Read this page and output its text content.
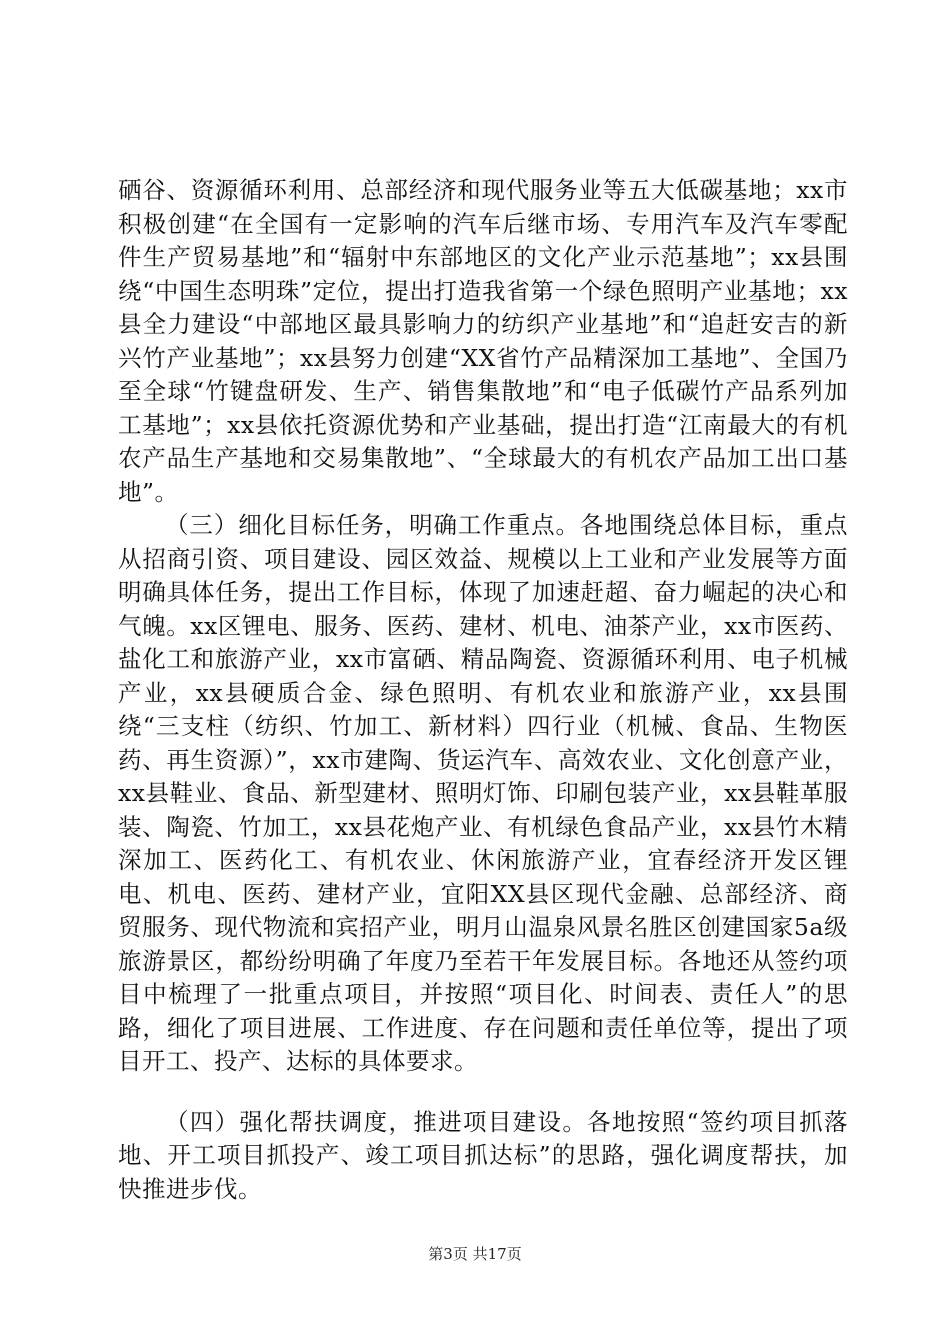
硒谷、资源循环利用、总部经济和现代服务业等五大低碳基地；xx市积极创建“在全国有一定影响的汽车后继市场、专用汽车及汽车零配件生产贸易基地”和“辐射中东部地区的文化产业示范基地”；xx县围绕“中国生态明珠”定位，提出打造我省第一个绿色照明产业基地；xx县全力建设“中部地区最具影响力的纺织产业基地”和“追赶安吉的新兴竹产业基地”；xx县努力创建“XX省竹产品精深加工基地”、全国乃至全球“竹键盘研发、生产、销售集散地”和“电子低碳竹产品系列加工基地”；xx县依托资源优势和产业基础，提出打造“江南最大的有机农产品生产基地和交易集散地”、“全球最大的有机农产品加工出口基地”。

（三）细化目标任务，明确工作重点。各地围绕总体目标，重点从招商引资、项目建设、园区效益、规模以上工业和产业发展等方面明确具体任务，提出工作目标，体现了加速赶超、奋力崛起的决心和气魄。xx区锂电、服务、医药、建材、机电、油茶产业，xx市医药、盐化工和旅游产业，xx市富硒、精品陶瓷、资源循环利用、电子机械产业，xx县硬质合金、绿色照明、有机农业和旅游产业，xx县围绕“三支柱（纺织、竹加工、新材料）四行业（机械、食品、生物医药、再生资源）”，xx市建陶、货运汽车、高效农业、文化创意产业，xx县鞋业、食品、新型建材、照明灯饰、印刷包装产业，xx县鞋革服装、陶瓷、竹加工，xx县花炮产业、有机绿色食品产业，xx县竹木精深加工、医药化工、有机农业、休闲旅游产业，宜春经济开发区锂电、机电、医药、建材产业，宜阳XX县区现代金融、总部经济、商贸服务、现代物流和宾招产业，明月山温泉风景名胜区创建国家5a级旅游景区，都纷纷明确了年度乃至若干年发展目标。各地还从签约项目中梳理了一批重点项目，并按照“项目化、时间表、责任人”的思路，细化了项目进展、工作进度、存在问题和责任单位等，提出了项目开工、投产、达标的具体要求。

（四）强化帮扶调度，推进项目建设。各地按照“签约项目抓落地、开工项目抓投产、竣工项目抓达标”的思路，强化调度帮扶，加快推进步伐。

第3页 共17页
